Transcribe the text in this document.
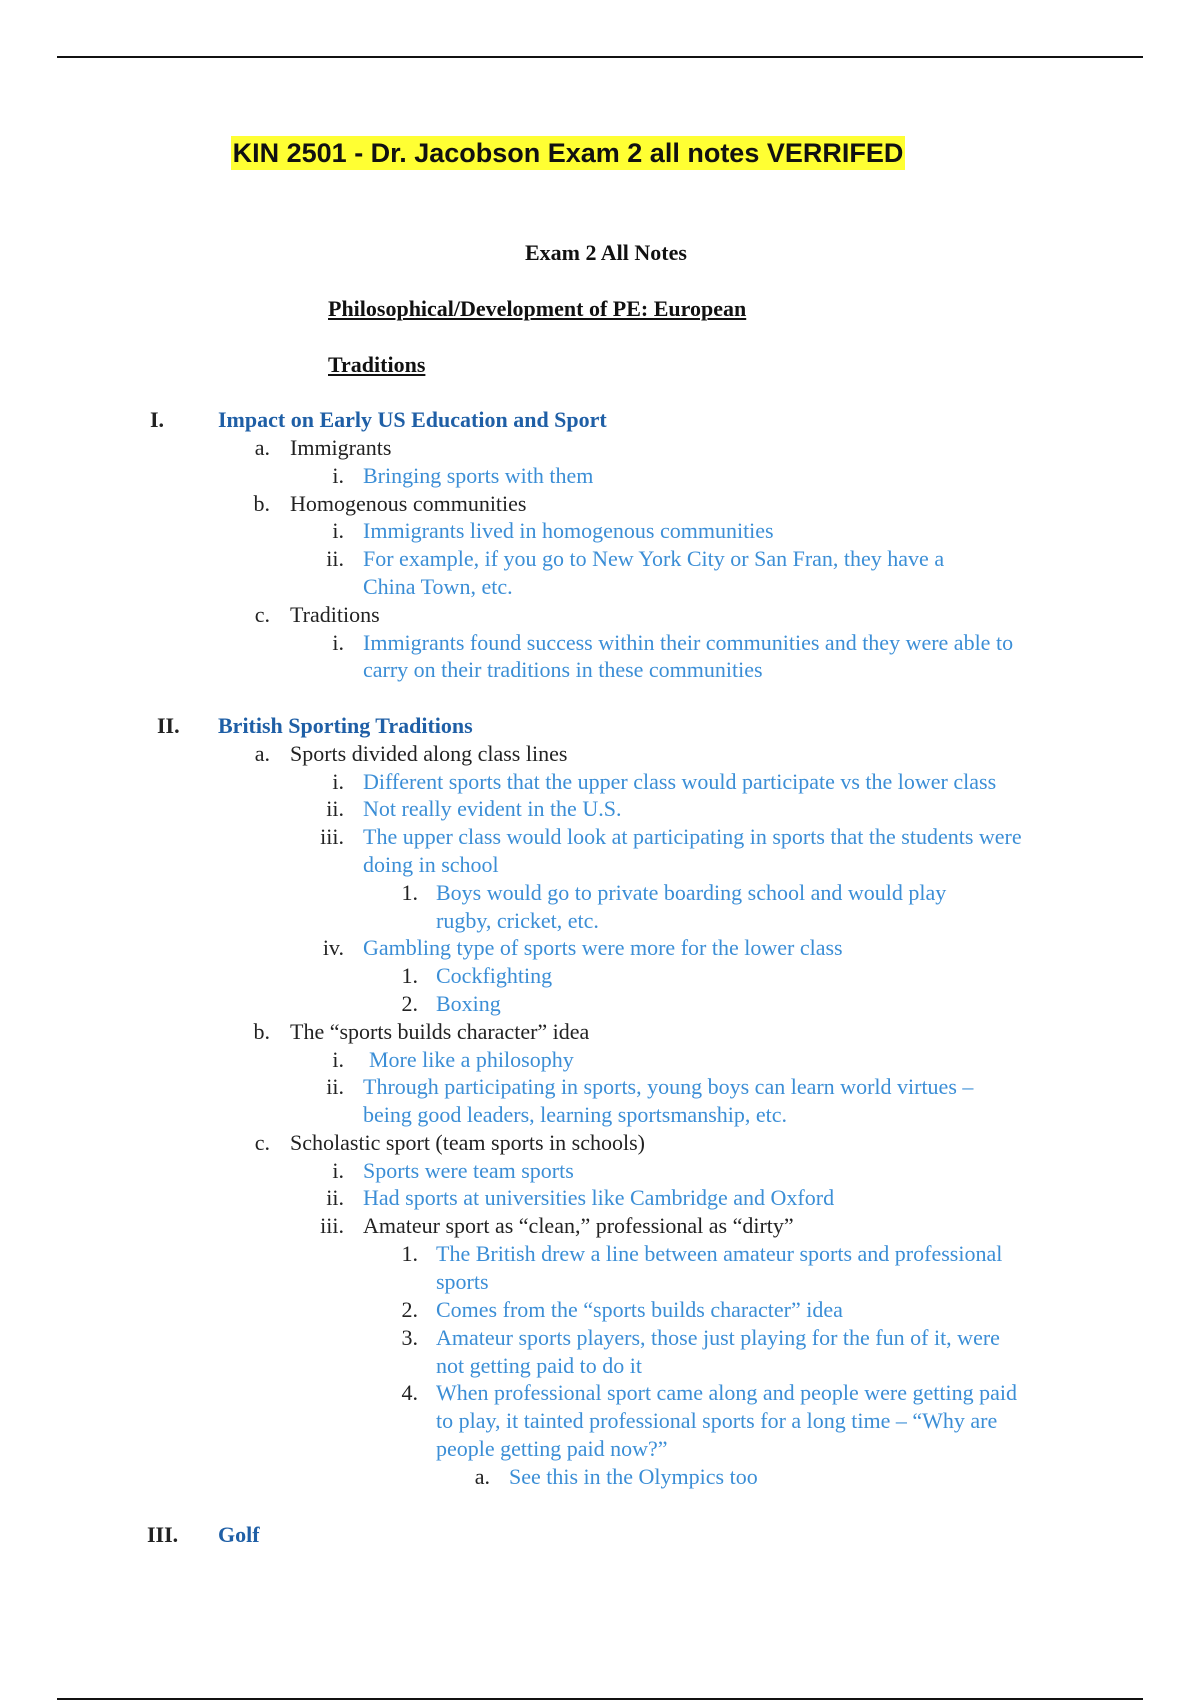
KIN 2501 - Dr. Jacobson Exam 2 all notes VERRIFED
Exam 2 All Notes
Philosophical/Development of PE: European
Traditions
I.	Impact on Early US Education and Sport
a. Immigrants
i. Bringing sports with them
b. Homogenous communities
i. Immigrants lived in homogenous communities
ii. For example, if you go to New York City or San Fran, they have a
China Town, etc.
c. Traditions
i. Immigrants found success within their communities and they were able to
carry on their traditions in these communities
II.	British Sporting Traditions
a. Sports divided along class lines
i. Different sports that the upper class would participate vs the lower class
ii. Not really evident in the U.S.
iii. The upper class would look at participating in sports that the students were
doing in school
1. Boys would go to private boarding school and would play
rugby, cricket, etc.
iv. Gambling type of sports were more for the lower class
1. Cockfighting
2. Boxing
b. The “sports builds character” idea
i. More like a philosophy
ii. Through participating in sports, young boys can learn world virtues –
being good leaders, learning sportsmanship, etc.
c. Scholastic sport (team sports in schools)
i. Sports were team sports
ii. Had sports at universities like Cambridge and Oxford
iii. Amateur sport as “clean,” professional as “dirty”
1. The British drew a line between amateur sports and professional
sports
2. Comes from the “sports builds character” idea
3. Amateur sports players, those just playing for the fun of it, were
not getting paid to do it
4. When professional sport came along and people were getting paid
to play, it tainted professional sports for a long time – “Why are
people getting paid now?”
a. See this in the Olympics too
III.	Golf
